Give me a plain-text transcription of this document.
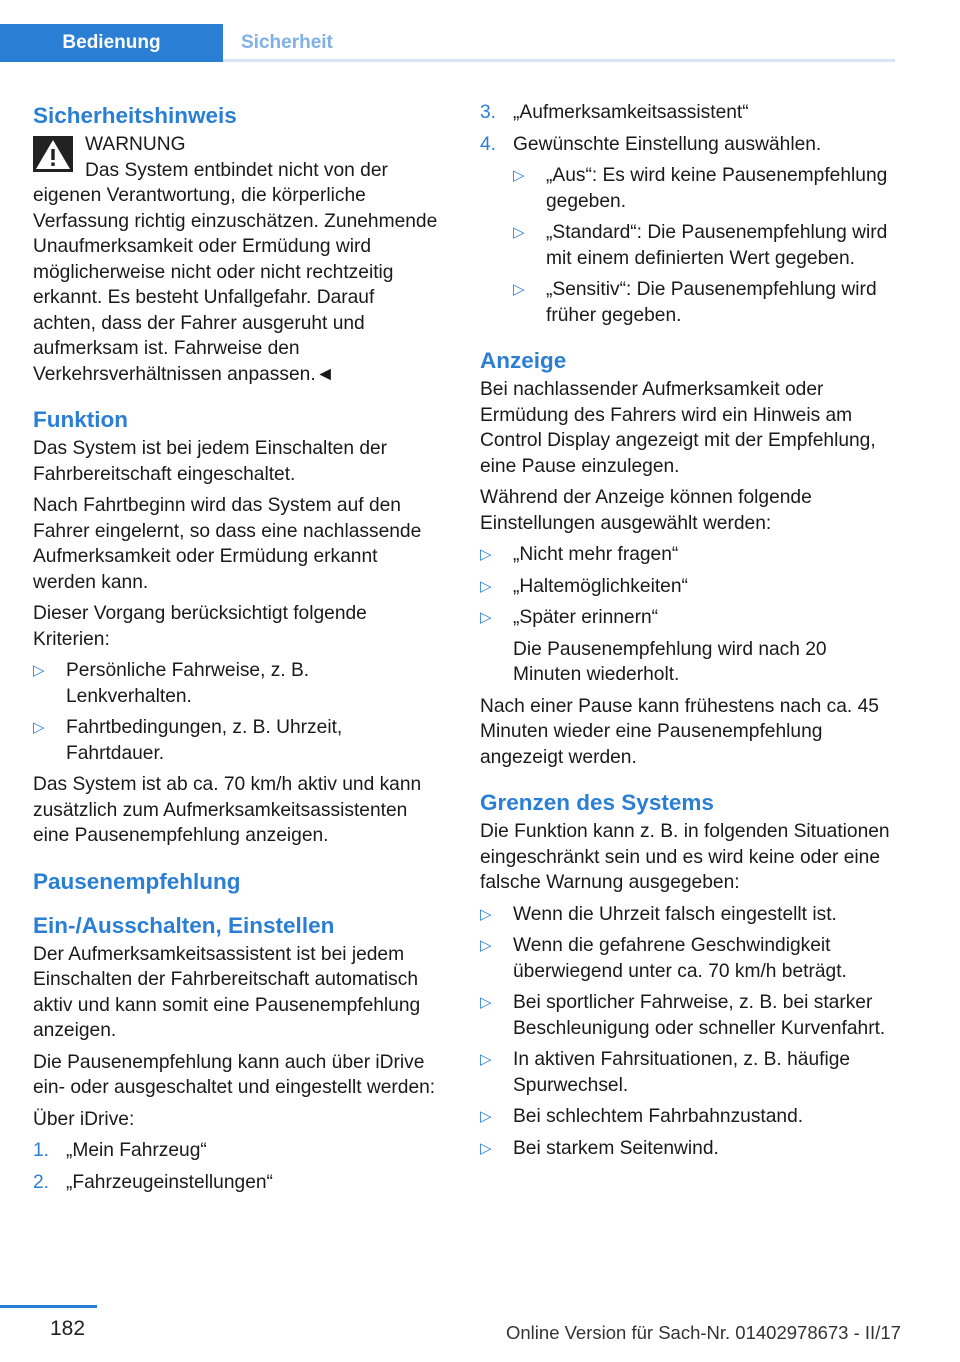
Bedienung	Sicherheit
Sicherheitshinweis
WARNUNG

Das System entbindet nicht von der eigenen Verantwortung, die körperliche Verfassung richtig einzuschätzen. Zunehmende Unaufmerksamkeit oder Ermüdung wird möglicherweise nicht oder nicht rechtzeitig erkannt. Es besteht Unfallgefahr. Darauf achten, dass der Fahrer ausgeruht und aufmerksam ist. Fahrweise den Verkehrsverhältnissen anpassen.◄

Funktion

Das System ist bei jedem Einschalten der Fahrbereitschaft eingeschaltet.

Nach Fahrtbeginn wird das System auf den Fahrer eingelernt, so dass eine nachlassende Aufmerksamkeit oder Ermüdung erkannt werden kann.

Dieser Vorgang berücksichtigt folgende Kriterien:

▷ Persönliche Fahrweise, z. B. Lenkverhalten.
▷ Fahrtbedingungen, z. B. Uhrzeit, Fahrtdauer.

Das System ist ab ca. 70 km/h aktiv und kann zusätzlich zum Aufmerksamkeitsassistenten eine Pausenempfehlung anzeigen.

Pausenempfehlung
Ein-/Ausschalten, Einstellen

Der Aufmerksamkeitsassistent ist bei jedem Einschalten der Fahrbereitschaft automatisch aktiv und kann somit eine Pausenempfehlung anzeigen.

Die Pausenempfehlung kann auch über iDrive ein- oder ausgeschaltet und eingestellt werden:

Über iDrive:

1. „Mein Fahrzeug“
2. „Fahrzeugeinstellungen“
3. „Aufmerksamkeitsassistent“
4. Gewünschte Einstellung auswählen.
▷ „Aus“: Es wird keine Pausenempfehlung gegeben.
▷ „Standard“: Die Pausenempfehlung wird mit einem definierten Wert gegeben.
▷ „Sensitiv“: Die Pausenempfehlung wird früher gegeben.
Anzeige

Bei nachlassender Aufmerksamkeit oder Ermüdung des Fahrers wird ein Hinweis am Control Display angezeigt mit der Empfehlung, eine Pause einzulegen.

Während der Anzeige können folgende Einstellungen ausgewählt werden:

▷ „Nicht mehr fragen“
▷ „Haltemöglichkeiten“
▷ „Später erinnern“
Die Pausenempfehlung wird nach 20 Minuten wiederholt.

Nach einer Pause kann frühestens nach ca. 45 Minuten wieder eine Pausenempfehlung angezeigt werden.

Grenzen des Systems

Die Funktion kann z. B. in folgenden Situationen eingeschränkt sein und es wird keine oder eine falsche Warnung ausgegeben:

▷ Wenn die Uhrzeit falsch eingestellt ist.
▷ Wenn die gefahrene Geschwindigkeit überwiegend unter ca. 70 km/h beträgt.
▷ Bei sportlicher Fahrweise, z. B. bei starker Beschleunigung oder schneller Kurvenfahrt.
▷ In aktiven Fahrsituationen, z. B. häufige Spurwechsel.
▷ Bei schlechtem Fahrbahnzustand.
▷ Bei starkem Seitenwind.
182	Online Version für Sach-Nr. 01402978673 - II/17
